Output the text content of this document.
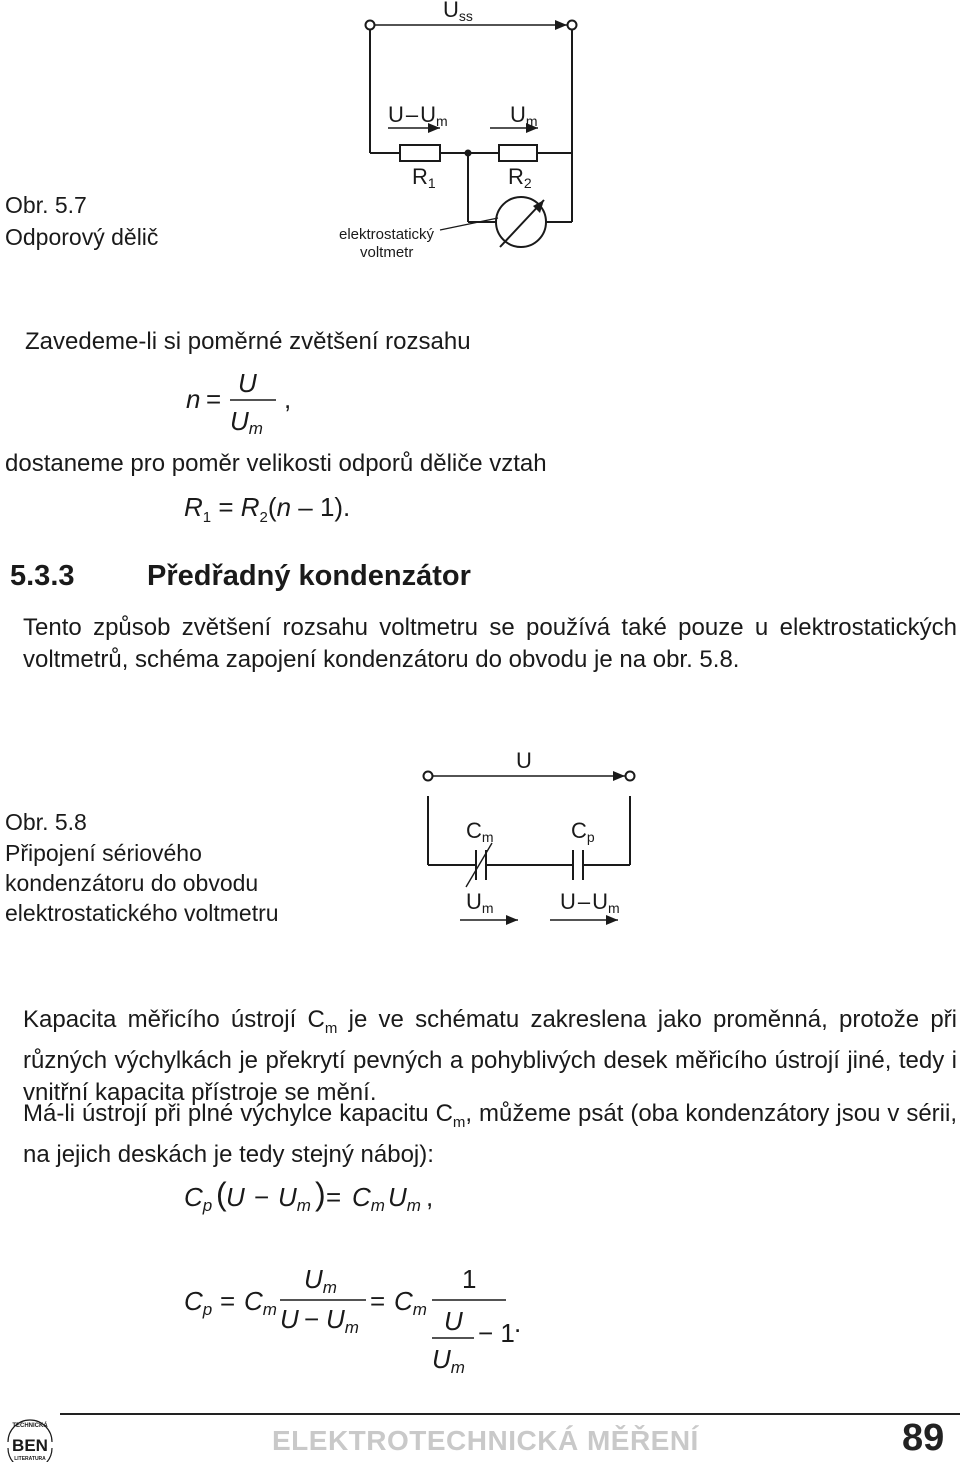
Uss
U–Um	Um
R1	R2
elektrostatický
voltmetr
Obr. 5.7
Odporový dělič
Zavedeme-li si poměrné zvětšení rozsahu
n =
U
Um
,
dostaneme pro poměr velikosti odporů děliče vztah
$R_1 = R_2(n - 1)$.
5.3.3	Předřadný kondenzátor
Tento způsob zvětšení rozsahu voltmetru se používá také pouze u elektrostatických voltmetrů, schéma zapojení kondenzátoru do obvodu je na obr. 5.8.
U
Cm	Cp
Um	U–Um
Obr. 5.8
Připojení sériového
kondenzátoru do obvodu
elektrostatického voltmetru
Kapacita měřicího ústrojí $C_m$ je ve schématu zakreslena jako proměnná, protože při různých výchylkách je překrytí pevných a pohyblivých desek měřicího ústrojí jiné, tedy i vnitřní kapacita přístroje se mění.
Má-li ústrojí při plné výchylce kapacitu $C_m$, můžeme psát (oba kondenzátory jsou v sérii, na jejich deskách je tedy stejný náboj):
Cp ( U − Um ) = Cm Um ,
Cp = Cm
Um
U − Um
= Cm
1
U
Um
− 1 .
TECHNICKÁ
BEN
LITERATURA
ELEKTROTECHNICKÁ MĚŘENÍ	89
